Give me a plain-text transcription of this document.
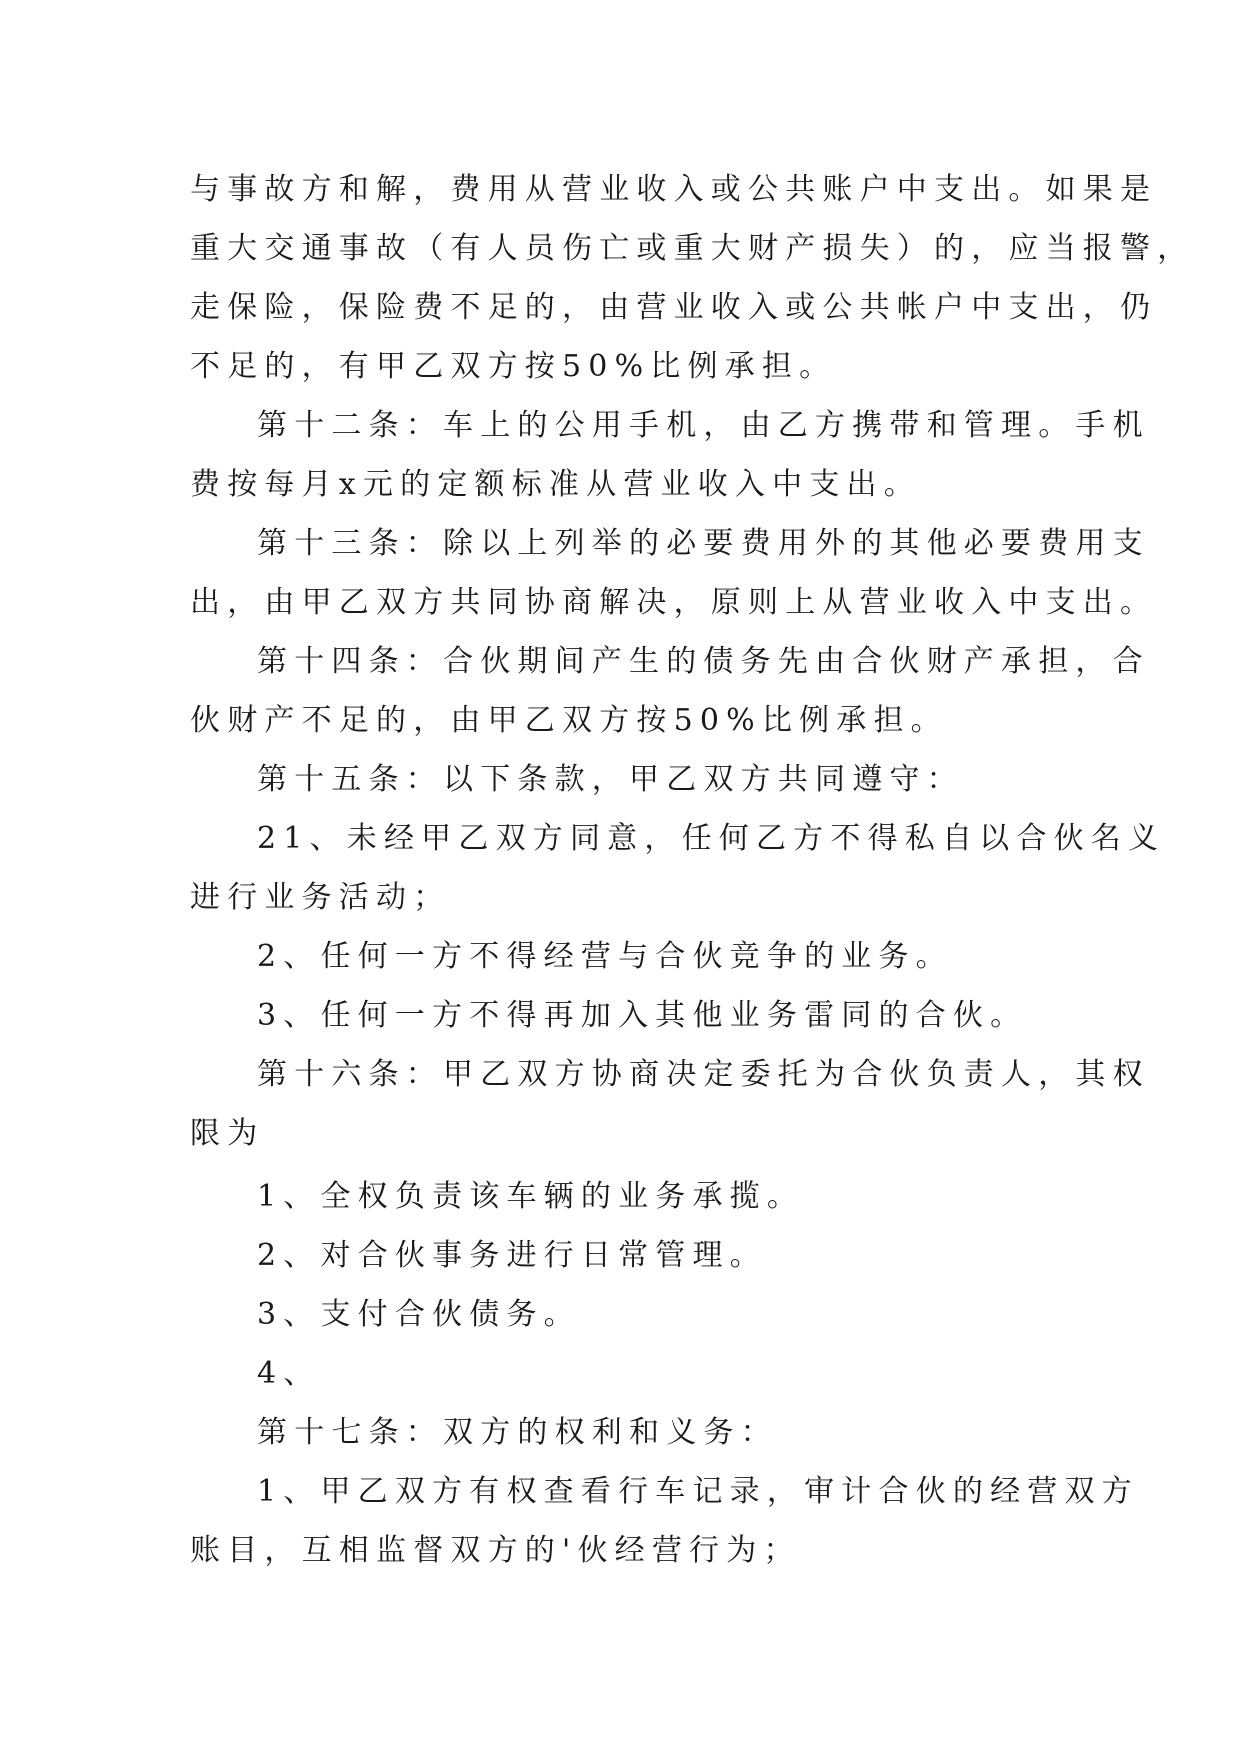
与事故方和解，费用从营业收入或公共账户中支出。如果是
重大交通事故（有人员伤亡或重大财产损失）的，应当报警，
走保险，保险费不足的，由营业收入或公共帐户中支出，仍
不足的，有甲乙双方按50%比例承担。
第十二条：车上的公用手机，由乙方携带和管理。手机
费按每月x元的定额标准从营业收入中支出。
第十三条：除以上列举的必要费用外的其他必要费用支
出，由甲乙双方共同协商解决，原则上从营业收入中支出。
第十四条：合伙期间产生的债务先由合伙财产承担，合
伙财产不足的，由甲乙双方按50%比例承担。
第十五条：以下条款，甲乙双方共同遵守：
21、未经甲乙双方同意，任何乙方不得私自以合伙名义
进行业务活动；
2、任何一方不得经营与合伙竞争的业务。
3、任何一方不得再加入其他业务雷同的合伙。
第十六条：甲乙双方协商决定委托为合伙负责人，其权
限为
1、全权负责该车辆的业务承揽。
2、对合伙事务进行日常管理。
3、支付合伙债务。
4、
第十七条：双方的权利和义务：
1、甲乙双方有权查看行车记录，审计合伙的经营双方
账目，互相监督双方的'伙经营行为；
